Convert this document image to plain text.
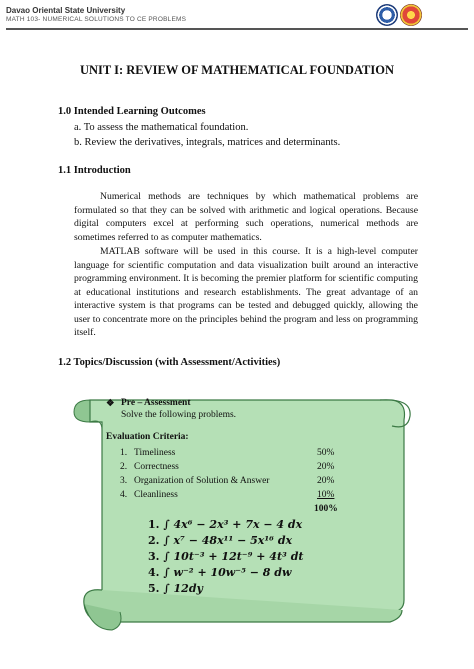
Davao Oriental State University
MATH 103- NUMERICAL SOLUTIONS TO CE PROBLEMS
UNIT I: REVIEW OF MATHEMATICAL FOUNDATION
1.0 Intended Learning Outcomes
a. To assess the mathematical foundation.
b. Review the derivatives, integrals, matrices and determinants.
1.1 Introduction
Numerical methods are techniques by which mathematical problems are formulated so that they can be solved with arithmetic and logical operations. Because digital computers excel at performing such operations, numerical methods are sometimes referred to as computer mathematics.
MATLAB software will be used in this course. It is a high-level computer language for scientific computation and data visualization built around an interactive programming environment. It is becoming the premier platform for scientific computing at educational institutions and research establishments. The great advantage of an interactive system is that programs can be tested and debugged quickly, allowing the user to concentrate more on the principles behind the program and less on programming itself.
1.2 Topics/Discussion (with Assessment/Activities)
❖ Pre – Assessment
Solve the following problems.
Evaluation Criteria:
1. Timeliness	50%
2. Correctness	20%
3. Organization of Solution & Answer	20%
4. Cleanliness	10%
100%
1. ∫ 4x⁶ − 2x³ + 7x − 4 dx
2. ∫ x⁷ − 48x¹¹ − 5x¹⁶ dx
3. ∫ 10t⁻³ + 12t⁻⁹ + 4t³ dt
4. ∫ w⁻² + 10w⁻⁵ − 8 dw
5. ∫ 12dy
